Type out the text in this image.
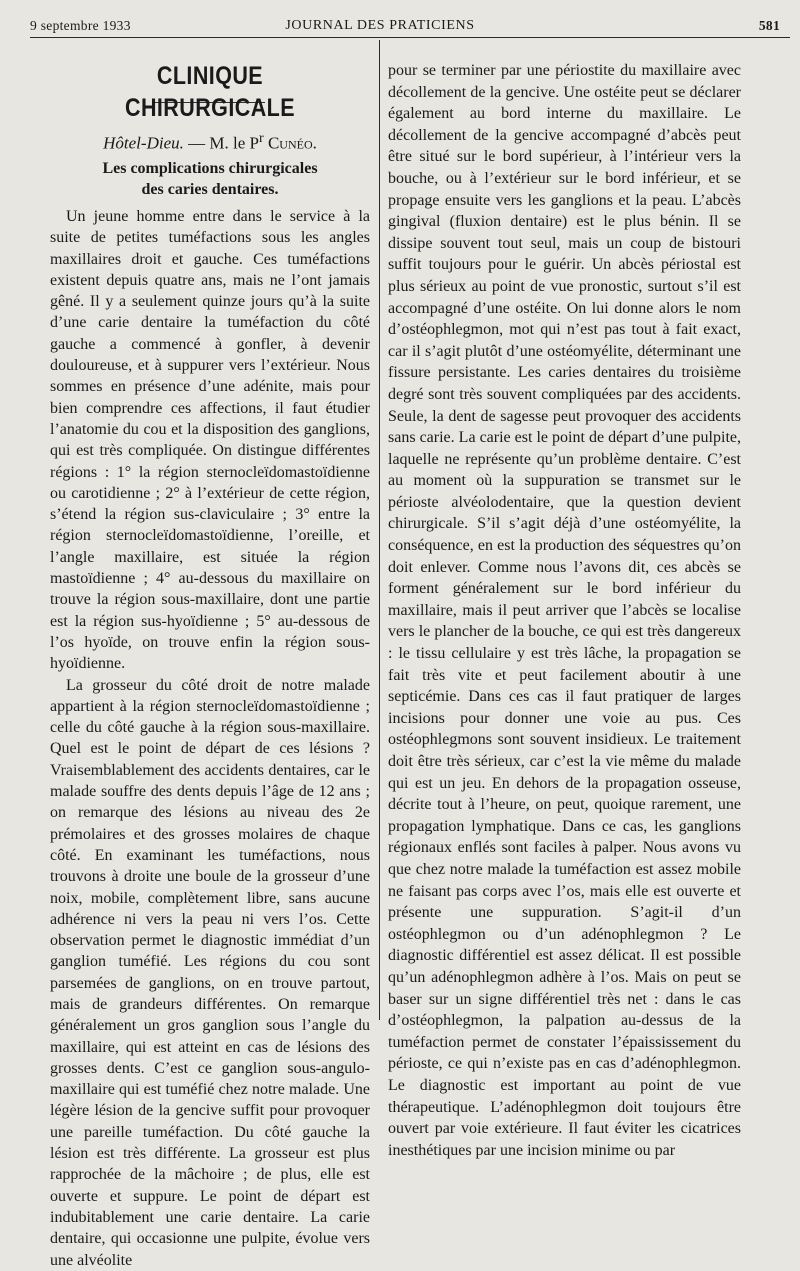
9 septembre 1933	JOURNAL DES PRATICIENS	581
CLINIQUE CHIRURGICALE
Hôtel-Dieu. — M. le $P^r$ Cunéo.
Les complications chirurgicales
des caries dentaires.

Un jeune homme entre dans le service à la suite de petites tuméfactions sous les angles maxillaires droit et gauche. Ces tuméfactions existent depuis quatre ans, mais ne l’ont jamais gêné. Il y a seulement quinze jours qu’à la suite d’une carie dentaire la tuméfaction du côté gauche a commencé à gonfler, à devenir douloureuse, et à suppurer vers l’extérieur. Nous sommes en présence d’une adénite, mais pour bien comprendre ces affections, il faut étudier l’anatomie du cou et la disposition des ganglions, qui est très compliquée. On distingue différentes régions : 1° la région sternocleïdomastoïdienne ou carotidienne ; 2° à l’extérieur de cette région, s’étend la région sus-claviculaire ; 3° entre la région sternocleïdomastoïdienne, l’oreille, et l’angle maxillaire, est située la région mastoïdienne ; 4° au-dessous du maxillaire on trouve la région sous-maxillaire, dont une partie est la région sus-hyoïdienne ; 5° au-dessous de l’os hyoïde, on trouve enfin la région sous-hyoïdienne.

La grosseur du côté droit de notre malade appartient à la région sternocleïdomastoïdienne ; celle du côté gauche à la région sous-maxillaire. Quel est le point de départ de ces lésions ? Vraisemblablement des accidents dentaires, car le malade souffre des dents depuis l’âge de 12 ans ; on remarque des lésions au niveau des 2e prémolaires et des grosses molaires de chaque côté. En examinant les tuméfactions, nous trouvons à droite une boule de la grosseur d’une noix, mobile, complètement libre, sans aucune adhérence ni vers la peau ni vers l’os. Cette observation permet le diagnostic immédiat d’un ganglion tuméfié. Les régions du cou sont parsemées de ganglions, on en trouve partout, mais de grandeurs différentes. On remarque généralement un gros ganglion sous l’angle du maxillaire, qui est atteint en cas de lésions des grosses dents. C’est ce ganglion sous-angulo-maxillaire qui est tuméfié chez notre malade. Une légère lésion de la gencive suffit pour provoquer une pareille tuméfaction. Du côté gauche la lésion est très différente. La grosseur est plus rapprochée de la mâchoire ; de plus, elle est ouverte et suppure. Le point de départ est indubitablement une carie dentaire. La carie dentaire, qui occasionne une pulpite, évolue vers une alvéolite

pour se terminer par une périostite du maxillaire avec décollement de la gencive. Une ostéite peut se déclarer également au bord interne du maxillaire. Le décollement de la gencive accompagné d’abcès peut être situé sur le bord supérieur, à l’intérieur vers la bouche, ou à l’extérieur sur le bord inférieur, et se propage ensuite vers les ganglions et la peau. L’abcès gingival (fluxion dentaire) est le plus bénin. Il se dissipe souvent tout seul, mais un coup de bistouri suffit toujours pour le guérir. Un abcès périostal est plus sérieux au point de vue pronostic, surtout s’il est accompagné d’une ostéite. On lui donne alors le nom d’ostéophlegmon, mot qui n’est pas tout à fait exact, car il s’agit plutôt d’une ostéomyélite, déterminant une fissure persistante. Les caries dentaires du troisième degré sont très souvent compliquées par des accidents. Seule, la dent de sagesse peut provoquer des accidents sans carie. La carie est le point de départ d’une pulpite, laquelle ne représente qu’un problème dentaire. C’est au moment où la suppuration se transmet sur le périoste alvéolodentaire, que la question devient chirurgicale. S’il s’agit déjà d’une ostéomyélite, la conséquence, en est la production des séquestres qu’on doit enlever. Comme nous l’avons dit, ces abcès se forment généralement sur le bord inférieur du maxillaire, mais il peut arriver que l’abcès se localise vers le plancher de la bouche, ce qui est très dangereux : le tissu cellulaire y est très lâche, la propagation se fait très vite et peut facilement aboutir à une septicémie. Dans ces cas il faut pratiquer de larges incisions pour donner une voie au pus. Ces ostéophlegmons sont souvent insidieux. Le traitement doit être très sérieux, car c’est la vie même du malade qui est un jeu. En dehors de la propagation osseuse, décrite tout à l’heure, on peut, quoique rarement, une propagation lymphatique. Dans ce cas, les ganglions régionaux enflés sont faciles à palper. Nous avons vu que chez notre malade la tuméfaction est assez mobile ne faisant pas corps avec l’os, mais elle est ouverte et présente une suppuration. S’agit-il d’un ostéophlegmon ou d’un adénophlegmon ? Le diagnostic différentiel est assez délicat. Il est possible qu’un adénophlegmon adhère à l’os. Mais on peut se baser sur un signe différentiel très net : dans le cas d’ostéophlegmon, la palpation au-dessus de la tuméfaction permet de constater l’épaississement du périoste, ce qui n’existe pas en cas d’adénophlegmon. Le diagnostic est important au point de vue thérapeutique. L’adénophlegmon doit toujours être ouvert par voie extérieure. Il faut éviter les cicatrices inesthétiques par une incision minime ou par
